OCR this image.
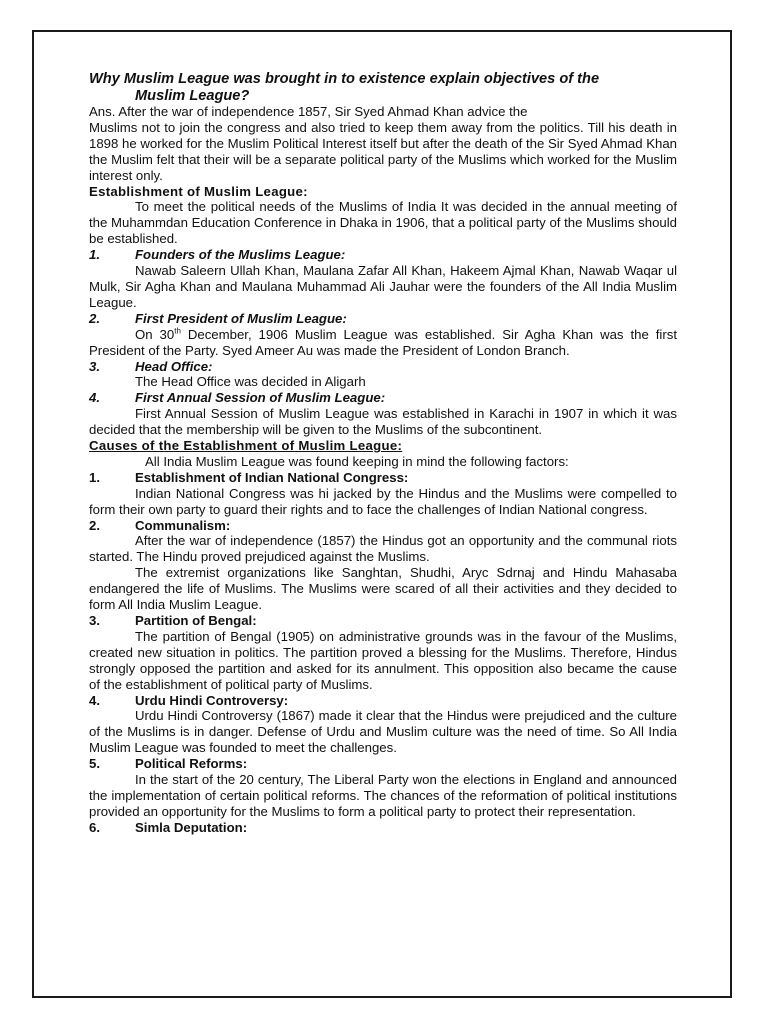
Why Muslim League was brought in to existence explain objectives of the

Muslim League?

Ans. After the war of independence 1857, Sir Syed Ahmad Khan advice the

Muslims not to join the congress and also tried to keep them away from the politics. Till his death in 1898 he worked for the Muslim Political Interest itself but after the death of the Sir Syed Ahmad Khan the Muslim felt that their will be a separate political party of the Muslims which worked for the Muslim interest only.

Establishment of Muslim League:

To meet the political needs of the Muslims of India It was decided in the annual meeting of the Muhammdan Education Conference in Dhaka in 1906, that a political party of the Muslims should be established.

1.	Founders of the Muslims League:

Nawab Saleern Ullah Khan, Maulana Zafar All Khan, Hakeem Ajmal Khan, Nawab Waqar ul Mulk, Sir Agha Khan and Maulana Muhammad Ali Jauhar were the founders of the All India Muslim League.

2.	First President of Muslim League:

On 30th December, 1906 Muslim League was established. Sir Agha Khan was the first President of the Party. Syed Ameer Au was made the President of London Branch.

3.	Head Office:

The Head Office was decided in Aligarh

4.	First Annual Session of Muslim League:

First Annual Session of Muslim League was established in Karachi in 1907 in which it was decided that the membership will be given to the Muslims of the subcontinent.

Causes of the Establishment of Muslim League:

All India Muslim League was found keeping in mind the following factors:

1.	Establishment of Indian National Congress:

Indian National Congress was hi jacked by the Hindus and the Muslims were compelled to form their own party to guard their rights and to face the challenges of Indian National congress.

2.	Communalism:

After the war of independence (1857) the Hindus got an opportunity and the communal riots started. The Hindu proved prejudiced against the Muslims.

The extremist organizations like Sanghtan, Shudhi, Aryc Sdrnaj and Hindu Mahasaba endangered the life of Muslims. The Muslims were scared of all their activities and they decided to form All India Muslim League.

3.	Partition of Bengal:

The partition of Bengal (1905) on administrative grounds was in the favour of the Muslims, created new situation in politics. The partition proved a blessing for the Muslims. Therefore, Hindus strongly opposed the partition and asked for its annulment. This opposition also became the cause of the establishment of political party of Muslims.

4.	Urdu Hindi Controversy:

Urdu Hindi Controversy (1867) made it clear that the Hindus were prejudiced and the culture of the Muslims is in danger. Defense of Urdu and Muslim culture was the need of time. So All India Muslim League was founded to meet the challenges.

5.	Political Reforms:

In the start of the 20 century, The Liberal Party won the elections in England and announced the implementation of certain political reforms. The chances of the reformation of political institutions provided an opportunity for the Muslims to form a political party to protect their representation.

6.	Simla Deputation:
